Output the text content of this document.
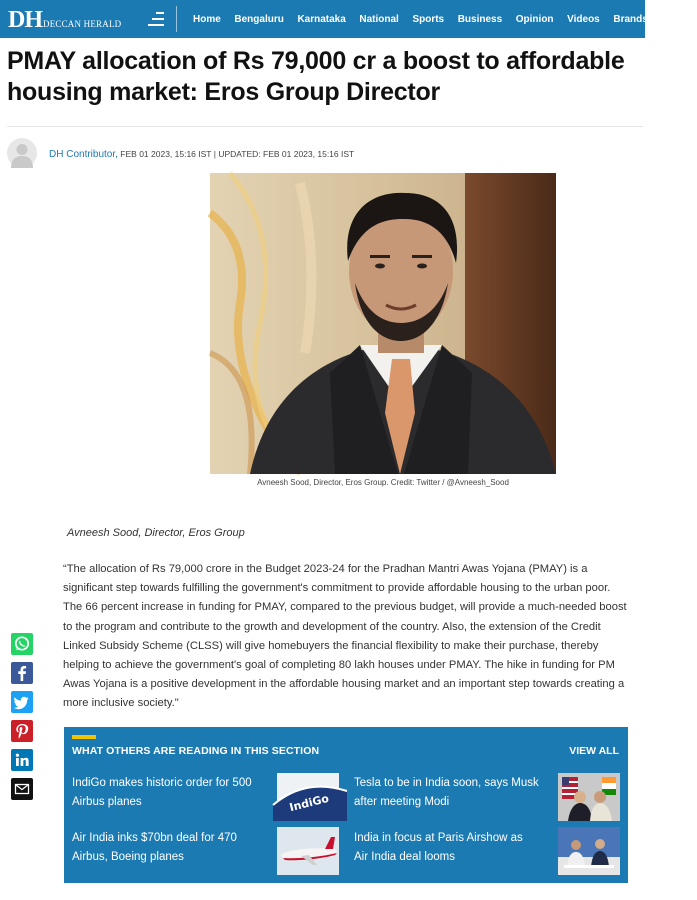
DH DECCAN HERALD	Home Bengaluru Karnataka National Sports Business Opinion Videos Brandspot S
PMAY allocation of Rs 79,000 cr a boost to affordable housing market: Eros Group Director
DH Contributor, FEB 01 2023, 15:16 IST | UPDATED: FEB 01 2023, 15:16 IST
Avneesh Sood, Director, Eros Group. Credit: Twitter / @Avneesh_Sood
Avneesh Sood, Director, Eros Group

“The allocation of Rs 79,000 crore in the Budget 2023-24 for the Pradhan Mantri Awas Yojana (PMAY) is a significant step towards fulfilling the government's commitment to provide affordable housing to the urban poor. The 66 percent increase in funding for PMAY, compared to the previous budget, will provide a much-needed boost to the program and contribute to the growth and development of the country. Also, the extension of the Credit Linked Subsidy Scheme (CLSS) will give homebuyers the financial flexibility to make their purchase, thereby helping to achieve the government's goal of completing 80 lakh houses under PMAY. The hike in funding for PM Awas Yojana is a positive development in the affordable housing market and an important step towards creating a more inclusive society."

WHAT OTHERS ARE READING IN THIS SECTION	VIEW ALL
IndiGo makes historic order for 500 Airbus planes	IndiGo
Tesla to be in India soon, says Musk after meeting Modi
Air India inks $70bn deal for 470 Airbus, Boeing planes
India in focus at Paris Airshow as Air India deal looms
